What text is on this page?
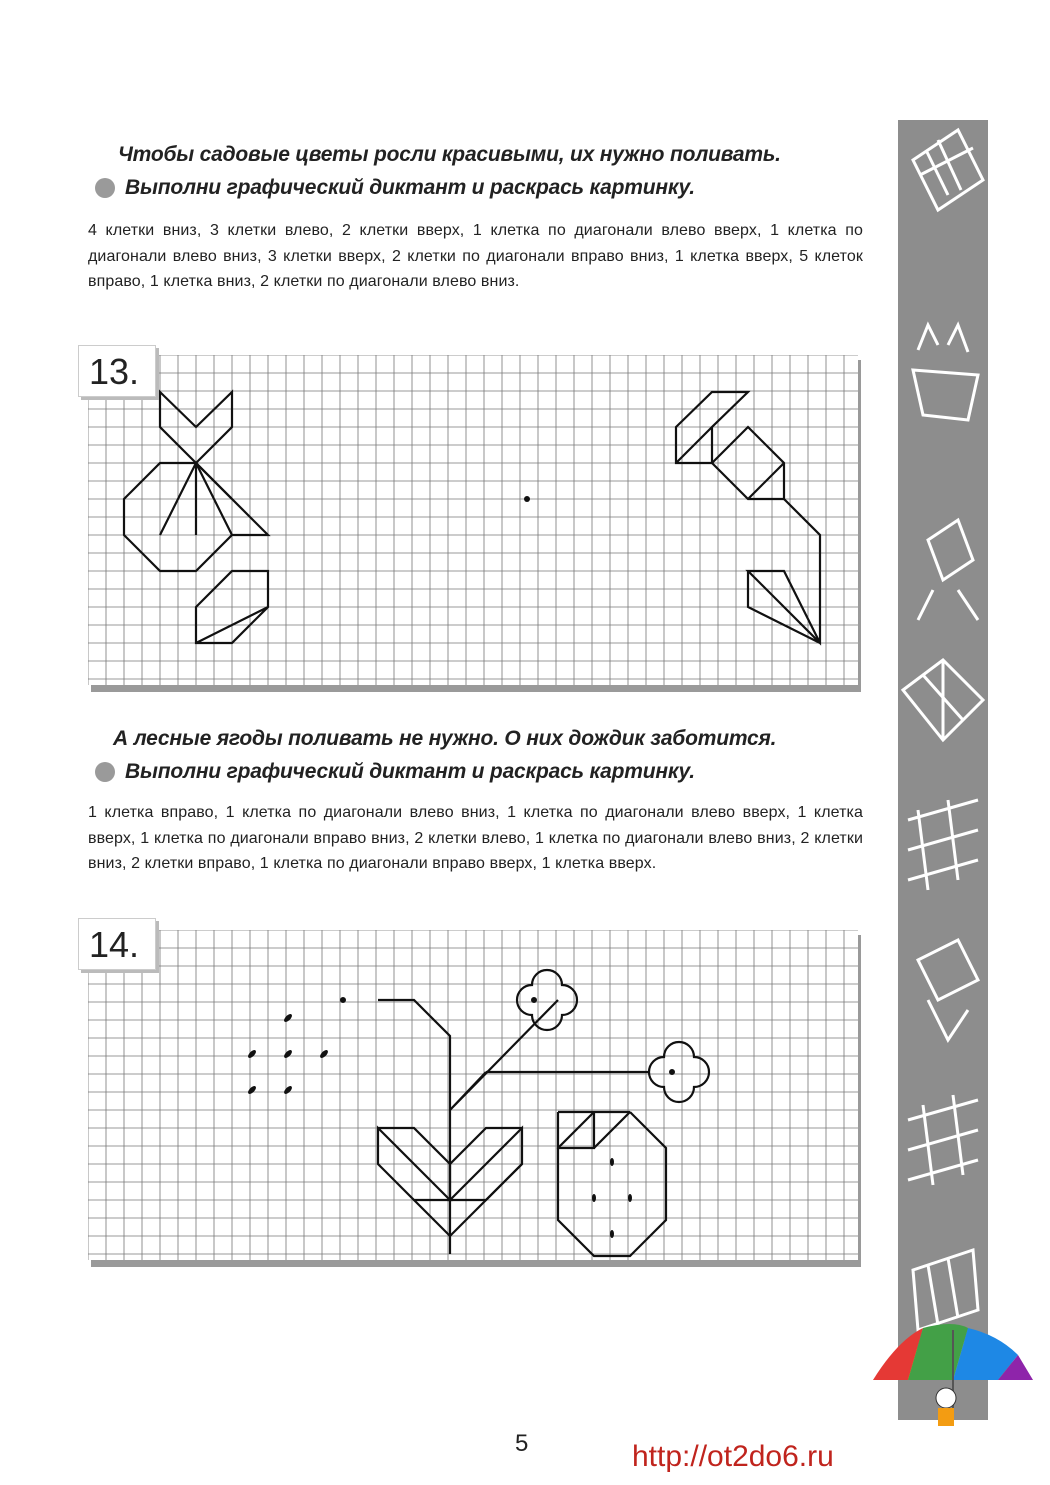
Чтобы садовые цветы росли красивыми, их нужно поливать.
Выполни графический диктант и раскрась картинку.
4 клетки вниз, 3 клетки влево, 2 клетки вверх, 1 клетка по диагонали влево вверх, 1 клетка по диагонали влево вниз, 3 клетки вверх, 2 клетки по диагонали вправо вниз, 1 клетка вверх, 5 клеток вправо, 1 клетка вниз, 2 клетки по диагонали влево вниз.
13.
А лесные ягоды поливать не нужно. О них дождик заботится.
Выполни графический диктант и раскрась картинку.
1 клетка вправо, 1 клетка по диагонали влево вниз, 1 клетка по диагонали влево вверх, 1 клетка вверх, 1 клетка по диагонали вправо вниз, 2 клетки влево, 1 клетка по диагонали влево вниз, 2 клетки вниз, 2 клетки вправо, 1 клетка по диагонали вправо вверх, 1 клетка вверх.
14.
5	http://ot2do6.ru
